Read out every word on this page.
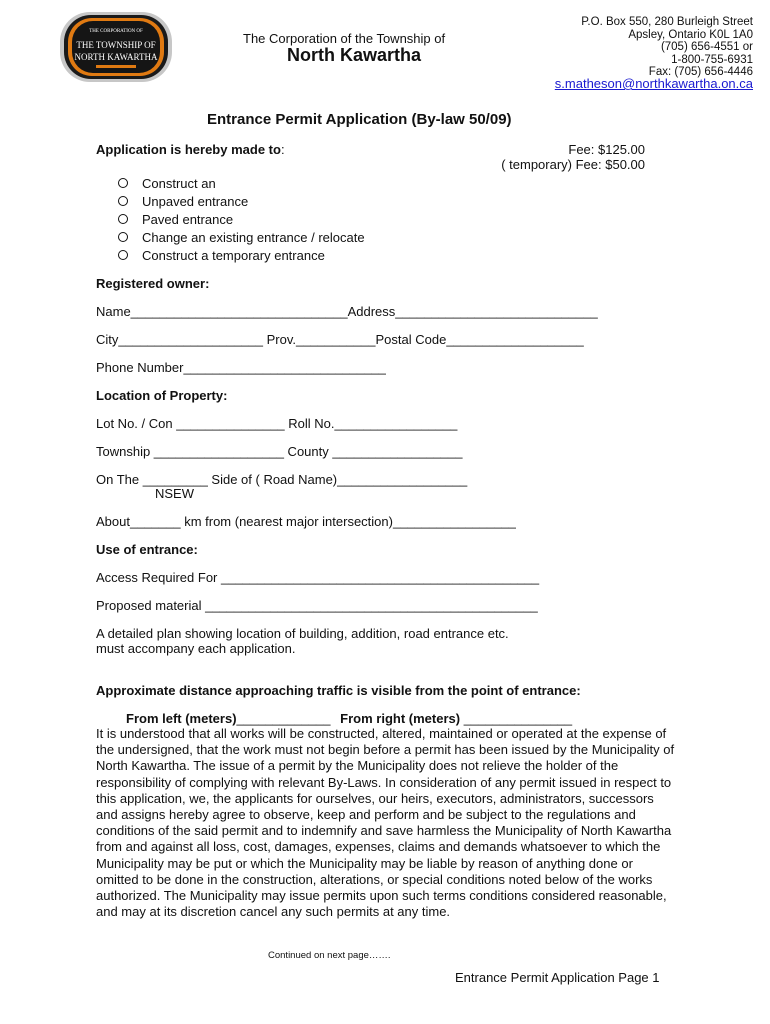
THE CORPORATION OF
THE TOWNSHIP OF
NORTH KAWARTHA
The Corporation of the Township of
North Kawartha
P.O. Box 550, 280 Burleigh Street
Apsley, Ontario K0L 1A0
(705) 656-4551 or
1-800-755-6931
Fax: (705) 656-4446
s.matheson@northkawartha.on.ca
Entrance Permit Application (By-law 50/09)
Application is hereby made to:	Fee: $125.00
( temporary) Fee: $50.00
Construct an
Unpaved entrance
Paved entrance
Change an existing entrance / relocate
Construct a temporary entrance
Registered owner:
Name______________________________Address____________________________
City____________________ Prov.___________Postal Code___________________
Phone Number____________________________
Location of Property:
Lot No. / Con _______________ Roll No._________________
Township __________________ County __________________
On The _________ Side of ( Road Name)__________________
NSEW
About_______ km from (nearest major intersection)_________________
Use of entrance:
Access Required For ____________________________________________
Proposed material ______________________________________________
A detailed plan showing location of building, addition, road entrance etc.
must accompany each application.
Approximate distance approaching traffic is visible from the point of entrance:
From left (meters)_____________ From right (meters) _______________
It is understood that all works will be constructed, altered, maintained or operated at the expense of the undersigned, that the work must not begin before a permit has been issued by the Municipality of North Kawartha. The issue of a permit by the Municipality does not relieve the holder of the responsibility of complying with relevant By-Laws. In consideration of any permit issued in respect to this application, we, the applicants for ourselves, our heirs, executors, administrators, successors and assigns hereby agree to observe, keep and perform and be subject to the regulations and conditions of the said permit and to indemnify and save harmless the Municipality of North Kawartha from and against all loss, cost, damages, expenses, claims and demands whatsoever to which the Municipality may be put or which the Municipality may be liable by reason of anything done or omitted to be done in the construction, alterations, or special conditions noted below of the works authorized. The Municipality may issue permits upon such terms conditions considered reasonable, and may at its discretion cancel any such permits at any time.
Continued on next page…….
Entrance Permit Application Page 1
